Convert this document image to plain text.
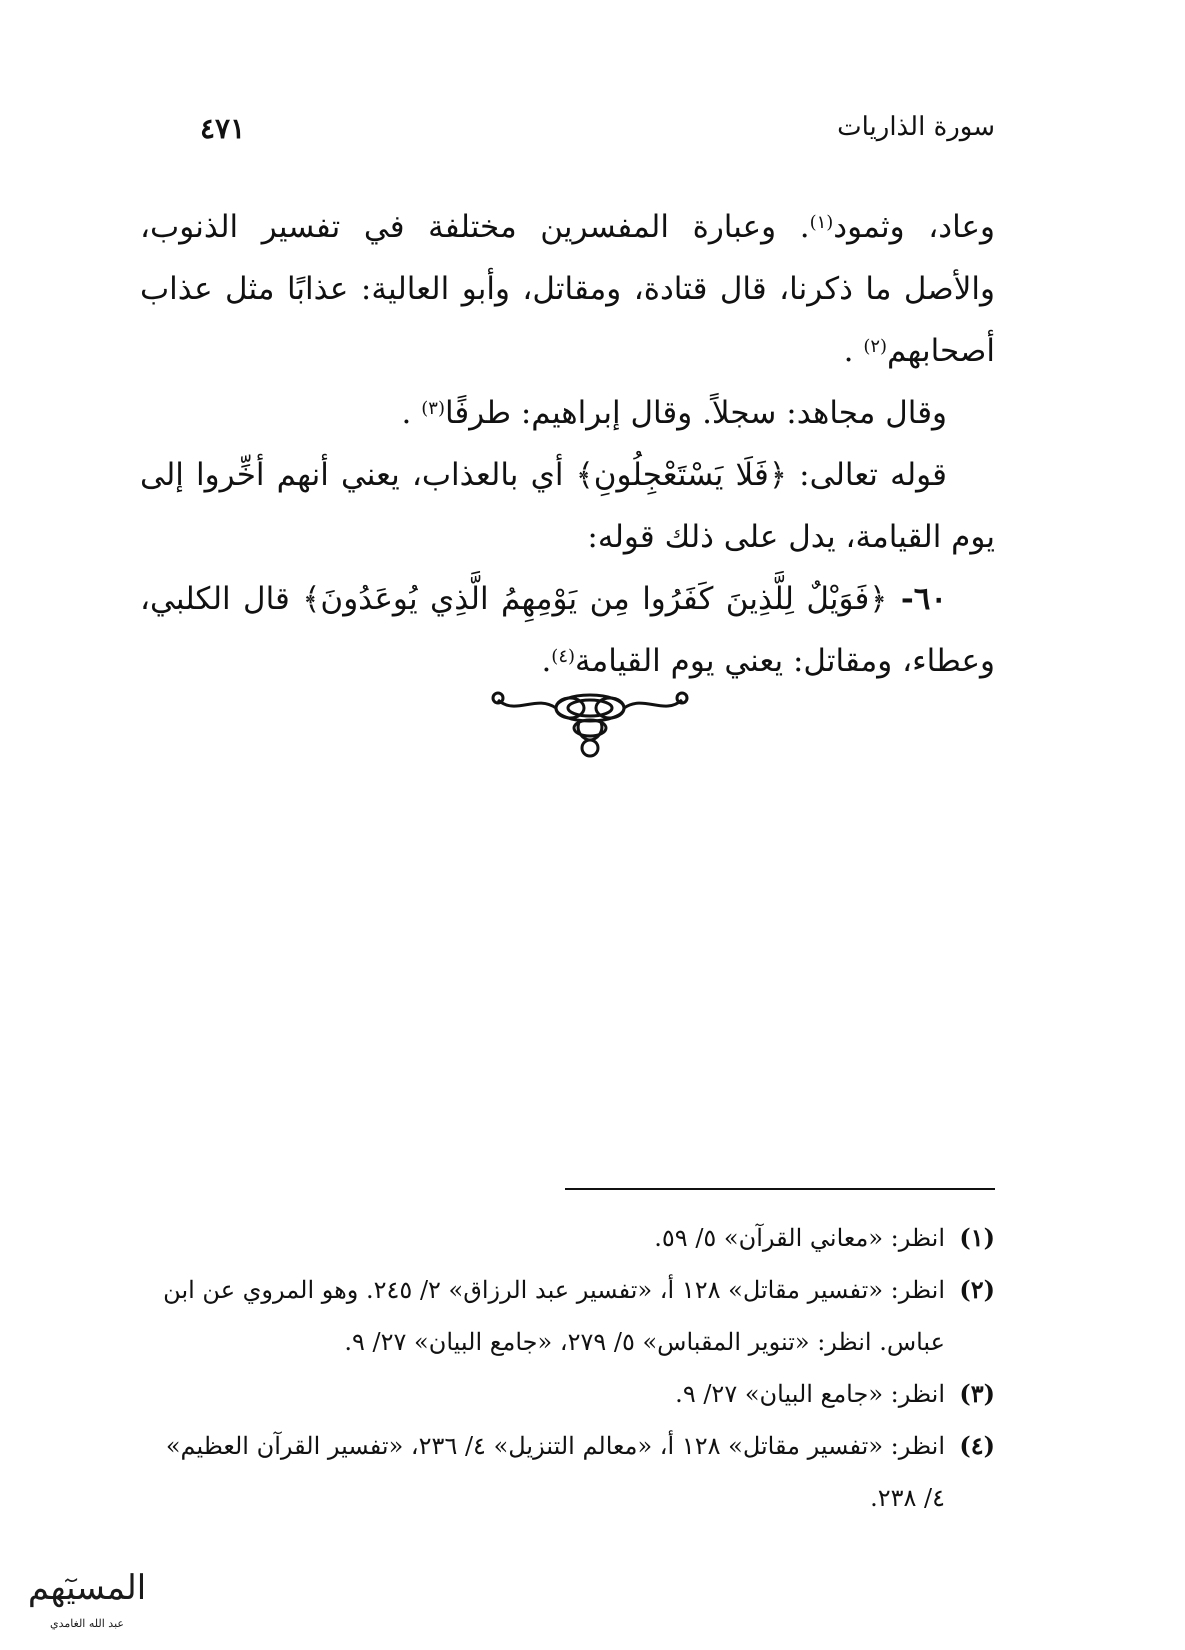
سورة الذاريات
٤٧١

وعاد، وثمود$^{(١)}$. وعبارة المفسرين مختلفة في تفسير الذنوب، والأصل ما ذكرنا، قال قتادة، ومقاتل، وأبو العالية: عذابًا مثل عذاب أصحابهم$^{(٢)}$ .

وقال مجاهد: سجلاً. وقال إبراهيم: طرفًا$^{(٣)}$ .

قوله تعالى: ﴿فَلَا يَسْتَعْجِلُونِ﴾ أي بالعذاب، يعني أنهم أخِّروا إلى يوم القيامة، يدل على ذلك قوله:

٦٠- ﴿فَوَيْلٌ لِلَّذِينَ كَفَرُوا مِن يَوْمِهِمُ الَّذِي يُوعَدُونَ﴾ قال الكلبي، وعطاء، ومقاتل: يعني يوم القيامة$^{(٤)}$.

(١)
انظر: «معاني القرآن» ٥/ ٥٩.
(٢)
انظر: «تفسير مقاتل» ١٢٨ أ، «تفسير عبد الرزاق» ٢/ ٢٤٥. وهو المروي عن ابن عباس. انظر: «تنوير المقباس» ٥/ ٢٧٩، «جامع البيان» ٢٧/ ٩.
(٣)
انظر: «جامع البيان» ٢٧/ ٩.
(٤)
انظر: «تفسير مقاتل» ١٢٨ أ، «معالم التنزيل» ٤/ ٢٣٦، «تفسير القرآن العظيم» ٤/ ٢٣٨.
المسيٓهم
عبد الله الغامدي
